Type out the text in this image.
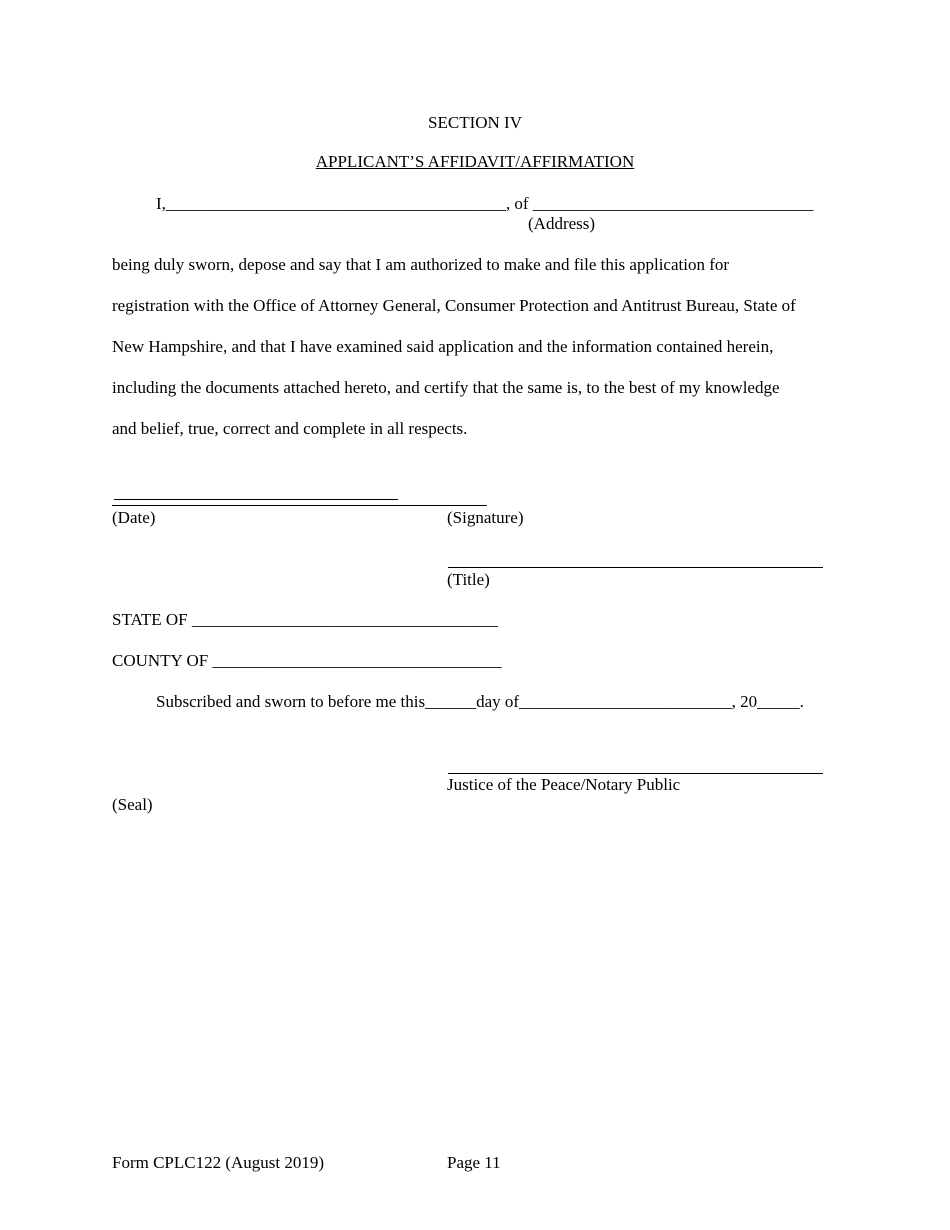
SECTION IV
APPLICANT’S AFFIDAVIT/AFFIRMATION
I,________________________________________, of _________________________________
(Address)
being duly sworn, depose and say that I am authorized to make and file this application for
registration with the Office of Attorney General, Consumer Protection and Antitrust Bureau, State of
New Hampshire, and that I have examined said application and the information contained herein,
including the documents attached hereto, and certify that the same is, to the best of my knowledge
and belief, true, correct and complete in all respects.
(Date)	(Signature)
(Title)
STATE OF ____________________________________
COUNTY OF __________________________________
Subscribed and sworn to before me this______day of_________________________, 20_____.
Justice of the Peace/Notary Public
(Seal)
Form CPLC122 (August 2019)	Page 11
